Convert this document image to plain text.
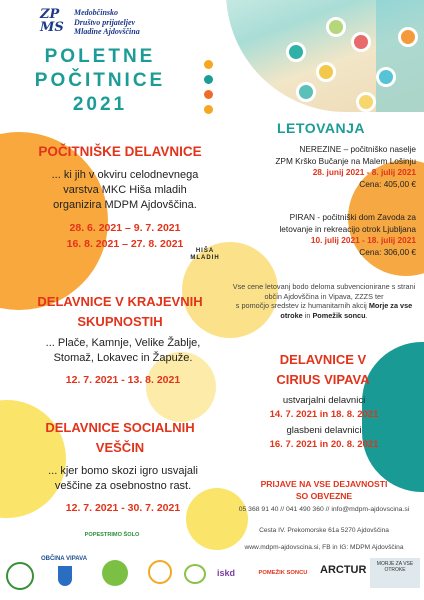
ZP MS
Medobčinsko
Društvo prijateljev
Mladine Ajdovščina
POLETNE
POČITNICE
2021
POČITNIŠKE DELAVNICE
... ki jih v okviru celodnevnega
varstva MKC Hiša mladih
organizira MDPM Ajdovščina.
28. 6. 2021 – 9. 7. 2021
16. 8. 2021 – 27. 8. 2021
HIŠA
MLADIH
DELAVNICE V KRAJEVNIH
SKUPNOSTIH
... Plače, Kamnje, Velike Žablje,
Stomaž, Lokavec in Žapuže.
12. 7. 2021 - 13. 8. 2021
DELAVNICE SOCIALNIH
VEŠČIN
... kjer bomo skozi igro usvajali
veščine za osebnostno rast.
12. 7. 2021 - 30. 7. 2021
LETOVANJA
NEREZINE – počitniško naselje
ZPM Krško Bučanje na Malem Lošinju
28. junij 2021 - 8. julij 2021
Cena: 405,00 €
PIRAN - počitniški dom Zavoda za
letovanje in rekreacijo otrok Ljubljana
10. julij 2021 - 18. julij 2021
Cena: 306,00 €
Vse cene letovanj bodo deloma subvencionirane s strani
občin Ajdovščina in Vipava, ZZZS ter
s pomočjo sredstev iz humanitarnih akcij Morje za vse
otroke in Pomežik soncu.
DELAVNICE V
CIRIUS VIPAVA
ustvarjalni delavnici
14. 7. 2021 in 18. 8. 2021
glasbeni delavnici
16. 7. 2021 in 20. 8. 2021
PRIJAVE NA VSE DEJAVNOSTI
SO OBVEZNE
05 368 91 40 // 041 490 360 // info@mdpm-ajdovscina.si
Cesta IV. Prekomorske 61a 5270 Ajdovščina
www.mdpm-ajdovscina.si, FB in IG: MDPM Ajdovščina
POPESTRIMO ŠOLO
OBČINA VIPAVA
iskd	POMEŽIK SONCU	ARCTUR	MORJE ZA VSE OTROKE
